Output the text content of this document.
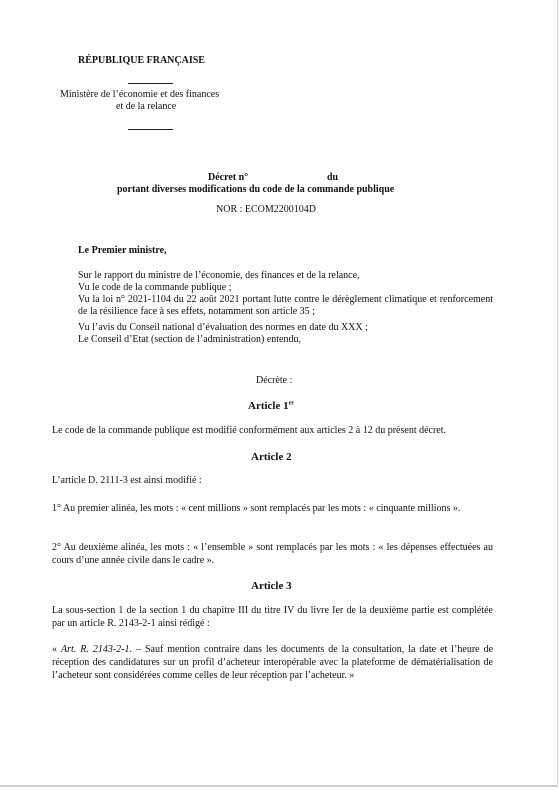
RÉPUBLIQUE FRANÇAISE
Ministère de l’économie et des finances
et de la relance
Décret n°	du
portant diverses modifications du code de la commande publique
NOR : ECOM2200104D
Le Premier ministre,
Sur le rapport du ministre de l’économie, des finances et de la relance,
Vu le code de la commande publique ;
Vu la loi n° 2021-1104 du 22 août 2021 portant lutte contre le dérèglement climatique et renforcement de la résilience face à ses effets, notamment son article 35 ;
Vu l’avis du Conseil national d’évaluation des normes en date du XXX ;
Le Conseil d’Etat (section de l’administration) entendu,
Décrète :
Article 1er
Le code de la commande publique est modifié conformément aux articles 2 à 12 du présent décret.
Article 2
L’article D. 2111-3 est ainsi modifié :
1° Au premier alinéa, les mots : « cent millions » sont remplacés par les mots : « cinquante millions ».
2° Au deuxième alinéa, les mots : « l’ensemble » sont remplacés par les mots : « les dépenses effectuées au cours d’une année civile dans le cadre ».
Article 3
La sous-section 1 de la section 1 du chapitre III du titre IV du livre Ier de la deuxième partie est complétée par un article R. 2143-2-1 ainsi rédigé :
« Art. R. 2143-2-1. – Sauf mention contraire dans les documents de la consultation, la date et l’heure de réception des candidatures sur un profil d’acheteur interopérable avec la plateforme de dématérialisation de l’acheteur sont considérées comme celles de leur réception par l’acheteur. »
